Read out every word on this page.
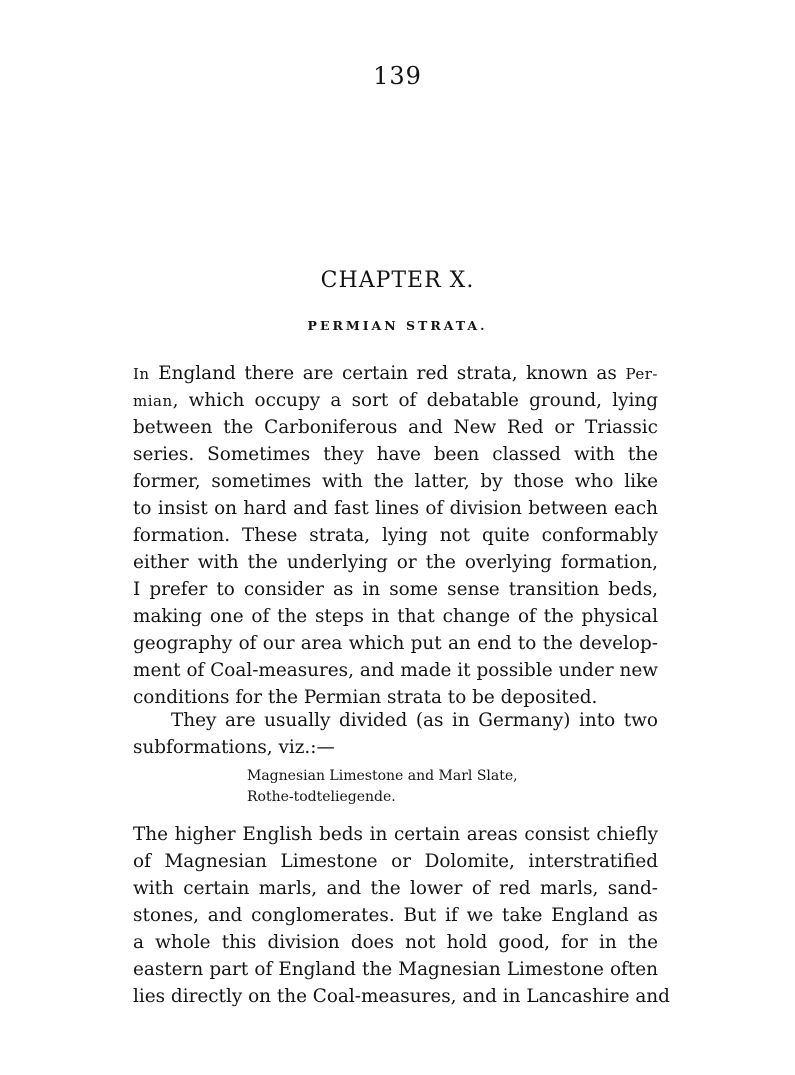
139
CHAPTER X.
PERMIAN STRATA.
In England there are certain red strata, known as Per-
mian, which occupy a sort of debatable ground, lying
between the Carboniferous and New Red or Triassic
series. Sometimes they have been classed with the
former, sometimes with the latter, by those who like
to insist on hard and fast lines of division between each
formation. These strata, lying not quite conformably
either with the underlying or the overlying formation,
I prefer to consider as in some sense transition beds,
making one of the steps in that change of the physical
geography of our area which put an end to the develop-
ment of Coal-measures, and made it possible under new
conditions for the Permian strata to be deposited.
They are usually divided (as in Germany) into two
subformations, viz.:—
Magnesian Limestone and Marl Slate,
Rothe-todteliegende.
The higher English beds in certain areas consist chiefly
of Magnesian Limestone or Dolomite, interstratified
with certain marls, and the lower of red marls, sand-
stones, and conglomerates. But if we take England as
a whole this division does not hold good, for in the
eastern part of England the Magnesian Limestone often
lies directly on the Coal-measures, and in Lancashire and
